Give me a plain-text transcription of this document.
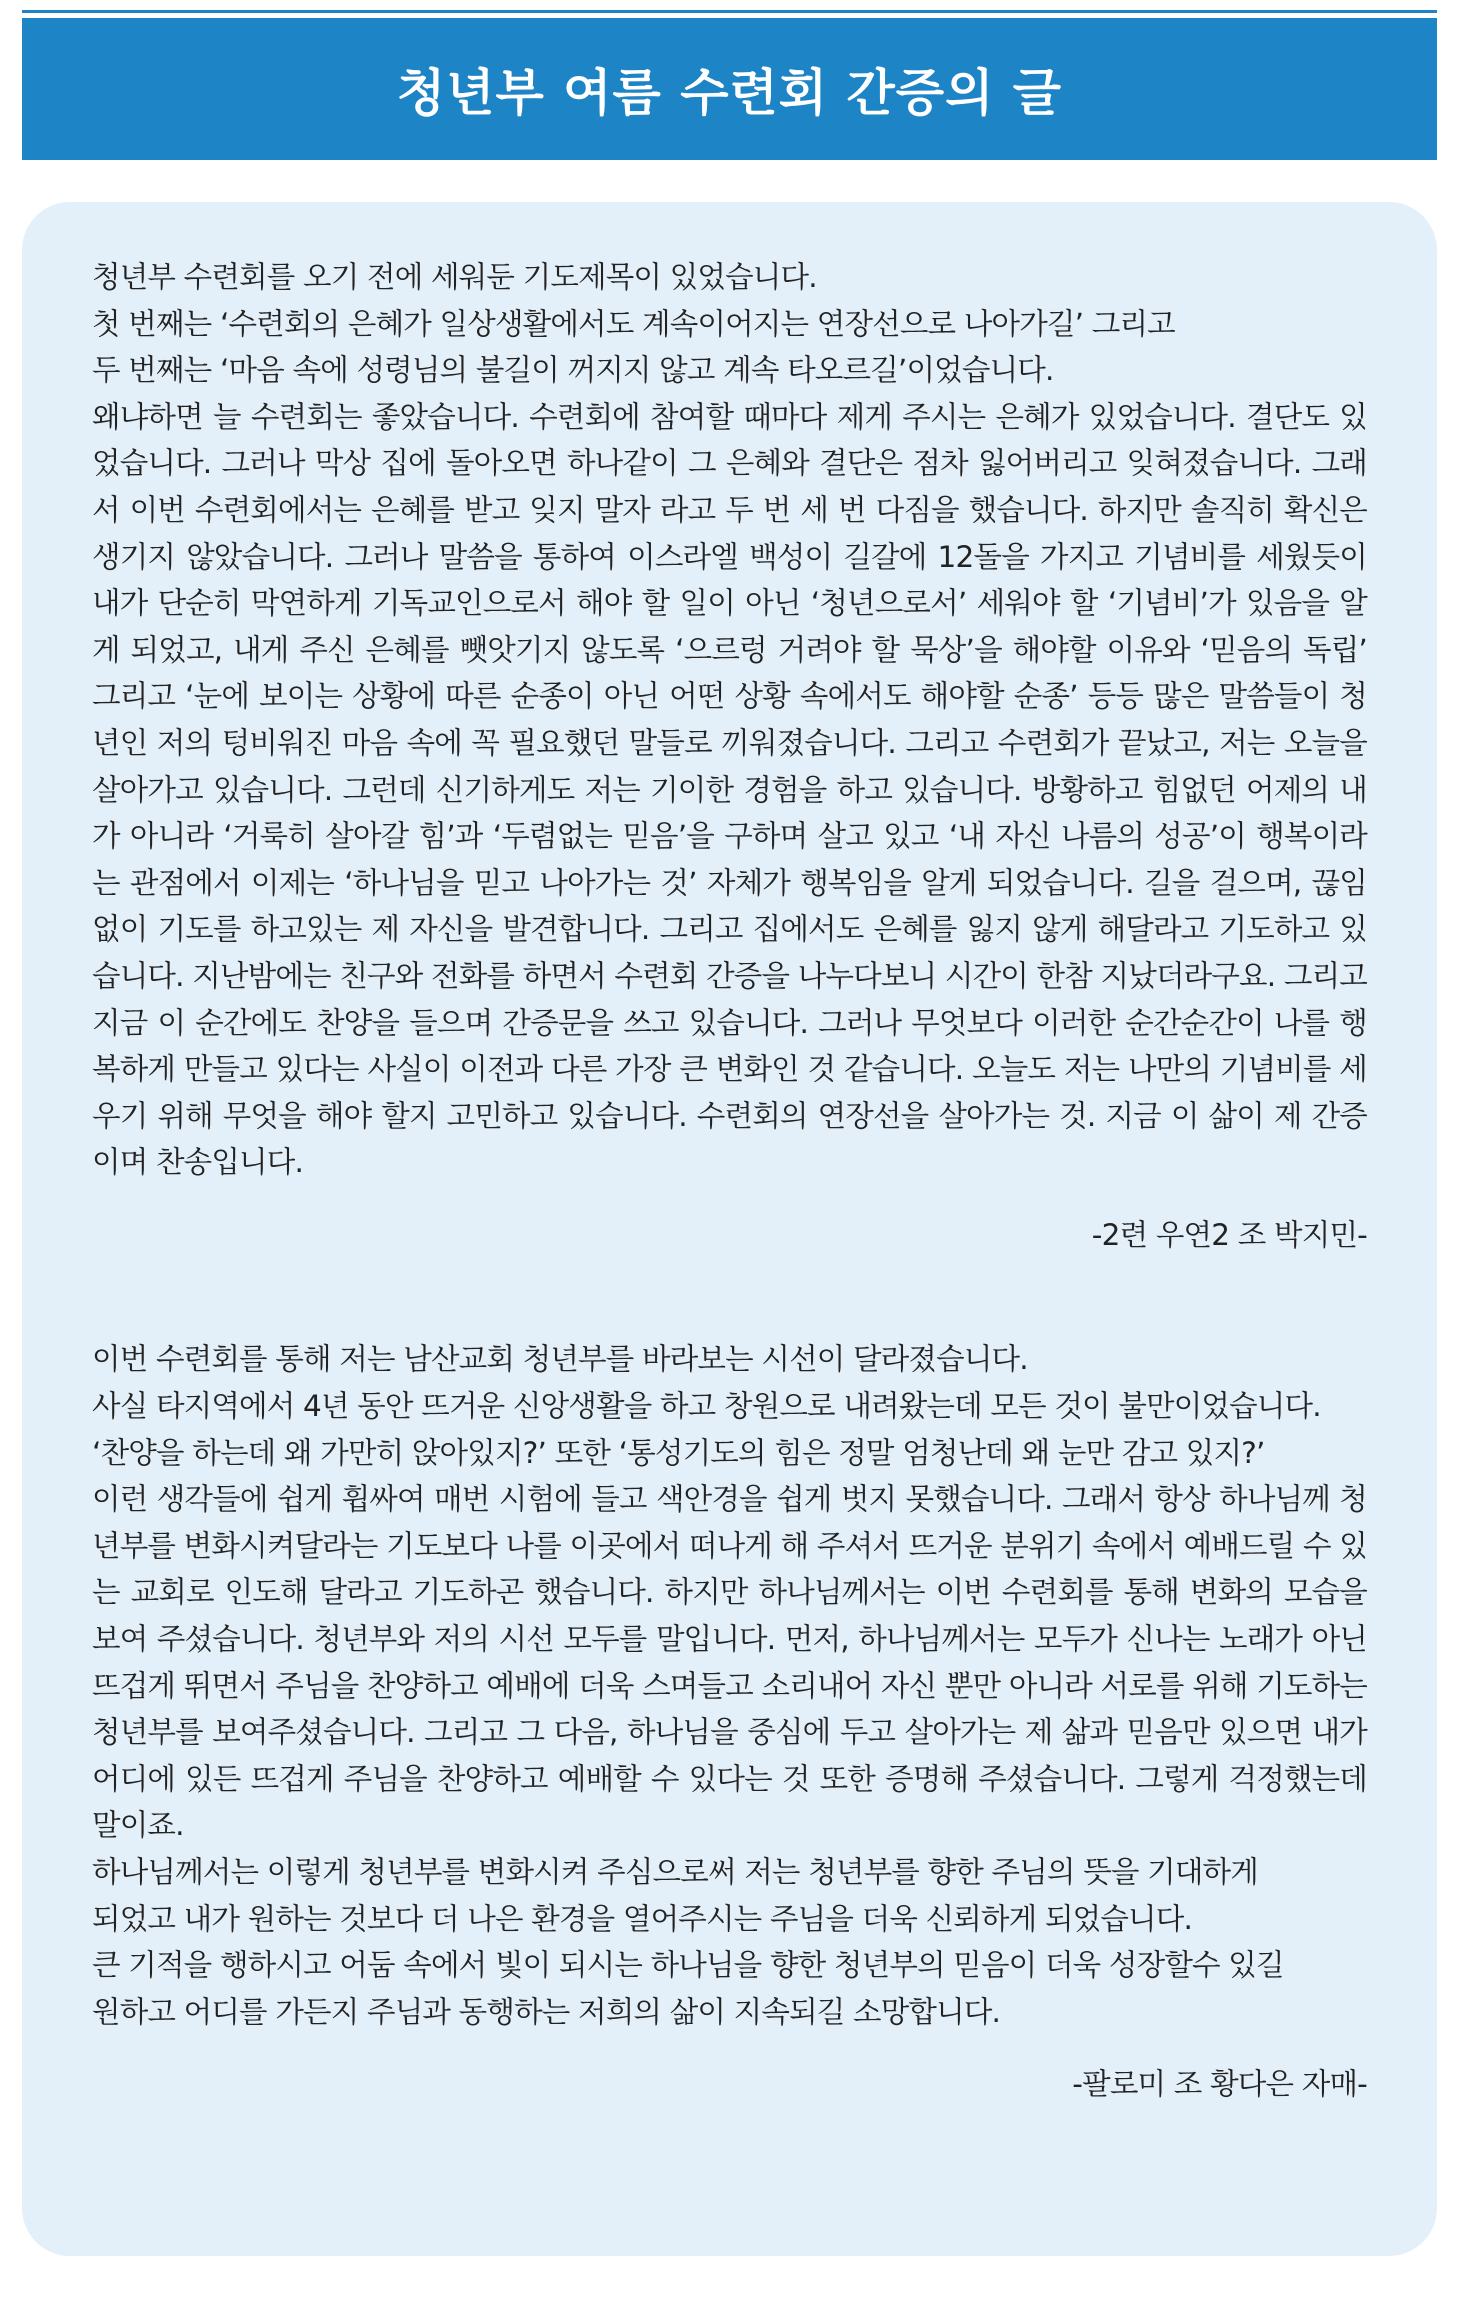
청년부 여름 수련회 간증의 글
청년부 수련회를 오기 전에 세워둔 기도제목이 있었습니다.
첫 번째는 ‘수련회의 은혜가 일상생활에서도 계속이어지는 연장선으로 나아가길’ 그리고
두 번째는 ‘마음 속에 성령님의 불길이 꺼지지 않고 계속 타오르길’이었습니다.
왜냐하면 늘 수련회는 좋았습니다. 수련회에 참여할 때마다 제게 주시는 은혜가 있었습니다. 결단도 있었습니다. 그러나 막상 집에 돌아오면 하나같이 그 은혜와 결단은 점차 잃어버리고 잊혀졌습니다. 그래서 이번 수련회에서는 은혜를 받고 잊지 말자 라고 두 번 세 번 다짐을 했습니다. 하지만 솔직히 확신은 생기지 않았습니다. 그러나 말씀을 통하여 이스라엘 백성이 길갈에 12돌을 가지고 기념비를 세웠듯이 내가 단순히 막연하게 기독교인으로서 해야 할 일이 아닌 ‘청년으로서’ 세워야 할 ‘기념비’가 있음을 알게 되었고, 내게 주신 은혜를 뺏앗기지 않도록 ‘으르렁 거려야 할 묵상’을 해야할 이유와 ‘믿음의 독립’ 그리고 ‘눈에 보이는 상황에 따른 순종이 아닌 어떤 상황 속에서도 해야할 순종’ 등등 많은 말씀들이 청년인 저의 텅비워진 마음 속에 꼭 필요했던 말들로 끼워졌습니다. 그리고 수련회가 끝났고, 저는 오늘을 살아가고 있습니다. 그런데 신기하게도 저는 기이한 경험을 하고 있습니다. 방황하고 힘없던 어제의 내가 아니라 ‘거룩히 살아갈 힘’과 ‘두렴없는 믿음’을 구하며 살고 있고 ‘내 자신 나름의 성공’이 행복이라는 관점에서 이제는 ‘하나님을 믿고 나아가는 것’ 자체가 행복임을 알게 되었습니다. 길을 걸으며, 끊임없이 기도를 하고있는 제 자신을 발견합니다. 그리고 집에서도 은혜를 잃지 않게 해달라고 기도하고 있습니다. 지난밤에는 친구와 전화를 하면서 수련회 간증을 나누다보니 시간이 한참 지났더라구요. 그리고 지금 이 순간에도 찬양을 들으며 간증문을 쓰고 있습니다. 그러나 무엇보다 이러한 순간순간이 나를 행복하게 만들고 있다는 사실이 이전과 다른 가장 큰 변화인 것 같습니다. 오늘도 저는 나만의 기념비를 세우기 위해 무엇을 해야 할지 고민하고 있습니다. 수련회의 연장선을 살아가는 것. 지금 이 삶이 제 간증이며 찬송입니다.
-2련 우연2 조 박지민-
이번 수련회를 통해 저는 남산교회 청년부를 바라보는 시선이 달라졌습니다.
사실 타지역에서 4년 동안 뜨거운 신앙생활을 하고 창원으로 내려왔는데 모든 것이 불만이었습니다.
‘찬양을 하는데 왜 가만히 앉아있지?’ 또한 ‘통성기도의 힘은 정말 엄청난데 왜 눈만 감고 있지?’
이런 생각들에 쉽게 휩싸여 매번 시험에 들고 색안경을 쉽게 벗지 못했습니다. 그래서 항상 하나님께 청년부를 변화시켜달라는 기도보다 나를 이곳에서 떠나게 해 주셔서 뜨거운 분위기 속에서 예배드릴 수 있는 교회로 인도해 달라고 기도하곤 했습니다. 하지만 하나님께서는 이번 수련회를 통해 변화의 모습을 보여 주셨습니다. 청년부와 저의 시선 모두를 말입니다. 먼저, 하나님께서는 모두가 신나는 노래가 아닌 뜨겁게 뛰면서 주님을 찬양하고 예배에 더욱 스며들고 소리내어 자신 뿐만 아니라 서로를 위해 기도하는 청년부를 보여주셨습니다. 그리고 그 다음, 하나님을 중심에 두고 살아가는 제 삶과 믿음만 있으면 내가 어디에 있든 뜨겁게 주님을 찬양하고 예배할 수 있다는 것 또한 증명해 주셨습니다. 그렇게 걱정했는데 말이죠.
하나님께서는 이렇게 청년부를 변화시켜 주심으로써 저는 청년부를 향한 주님의 뜻을 기대하게
되었고 내가 원하는 것보다 더 나은 환경을 열어주시는 주님을 더욱 신뢰하게 되었습니다.
큰 기적을 행하시고 어둠 속에서 빛이 되시는 하나님을 향한 청년부의 믿음이 더욱 성장할수 있길
원하고 어디를 가든지 주님과 동행하는 저희의 삶이 지속되길 소망합니다.
-팔로미 조 황다은 자매-
